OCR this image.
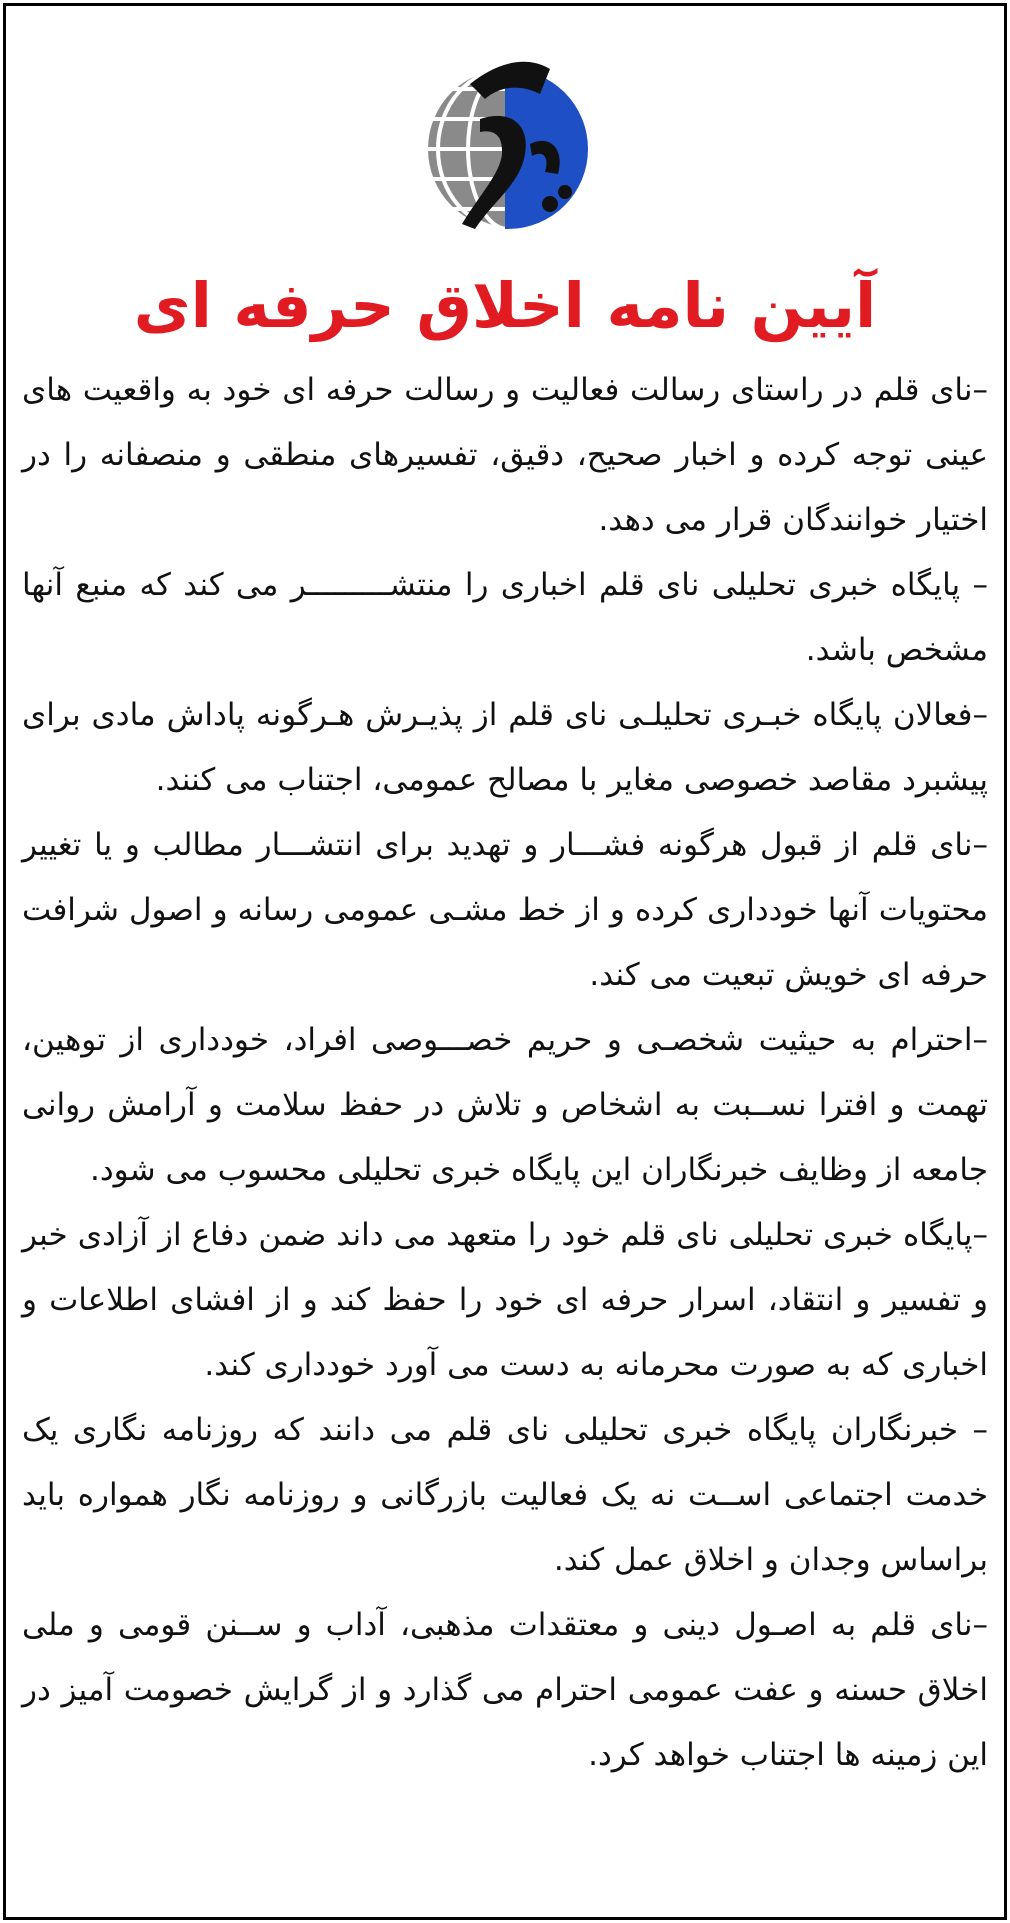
آیین نامه اخلاق حرفه ای

–نای قلم در راستای رسالت فعالیت و رسالت حرفه ای خود به واقعیت های عینی توجه کرده و اخبار صحیح، دقیق، تفسیرهای منطقی و منصفانه را در اختیار خوانندگان قرار می دهد.

– پایگاه خبری تحلیلی نای قلم اخباری را منتشـــــــــر می کند که منبع آنها مشخص باشد.

–فعالان پایگاه خبـری تحلیلـی نای قلم از پذیـرش هـرگونه پاداش مادی برای پیشبرد مقاصد خصوصی مغایر با مصالح عمومی، اجتناب می کنند.

–نای قلم از قبول هرگونه فشـــار و تهدید برای انتشـــار مطالب و یا تغییر محتویات آنها خودداری کرده و از خط مشـی عمومی رسانه و اصول شرافت حرفه ای خویش تبعیت می کند.

–احترام به حیثیت شخصـی و حریم خصـــوصی افراد، خودداری از توهین، تهمت و افترا نســبت به اشخاص و تلاش در حفظ سلامت و آرامش روانی جامعه از وظایف خبرنگاران این پایگاه خبری تحلیلی محسوب می شود.

–پایگاه خبری تحلیلی نای قلم خود را متعهد می داند ضمن دفاع از آزادی خبر و تفسیر و انتقاد، اسرار حرفه ای خود را حفظ کند و از افشای اطلاعات و اخباری که به صورت محرمانه به دست می آورد خودداری کند.

– خبرنگاران پایگاه خبری تحلیلی نای قلم می دانند که روزنامه نگاری یک خدمت اجتماعی اســت نه یک فعالیت بازرگانی و روزنامه نگار همواره باید براساس وجدان و اخلاق عمل کند.

–نای قلم به اصـول دینی و معتقدات مذهبی، آداب و ســنن قومی و ملی اخلاق حسنه و عفت عمومی احترام می گذارد و از گرایش خصومت آمیز در این زمینه ها اجتناب خواهد کرد.
